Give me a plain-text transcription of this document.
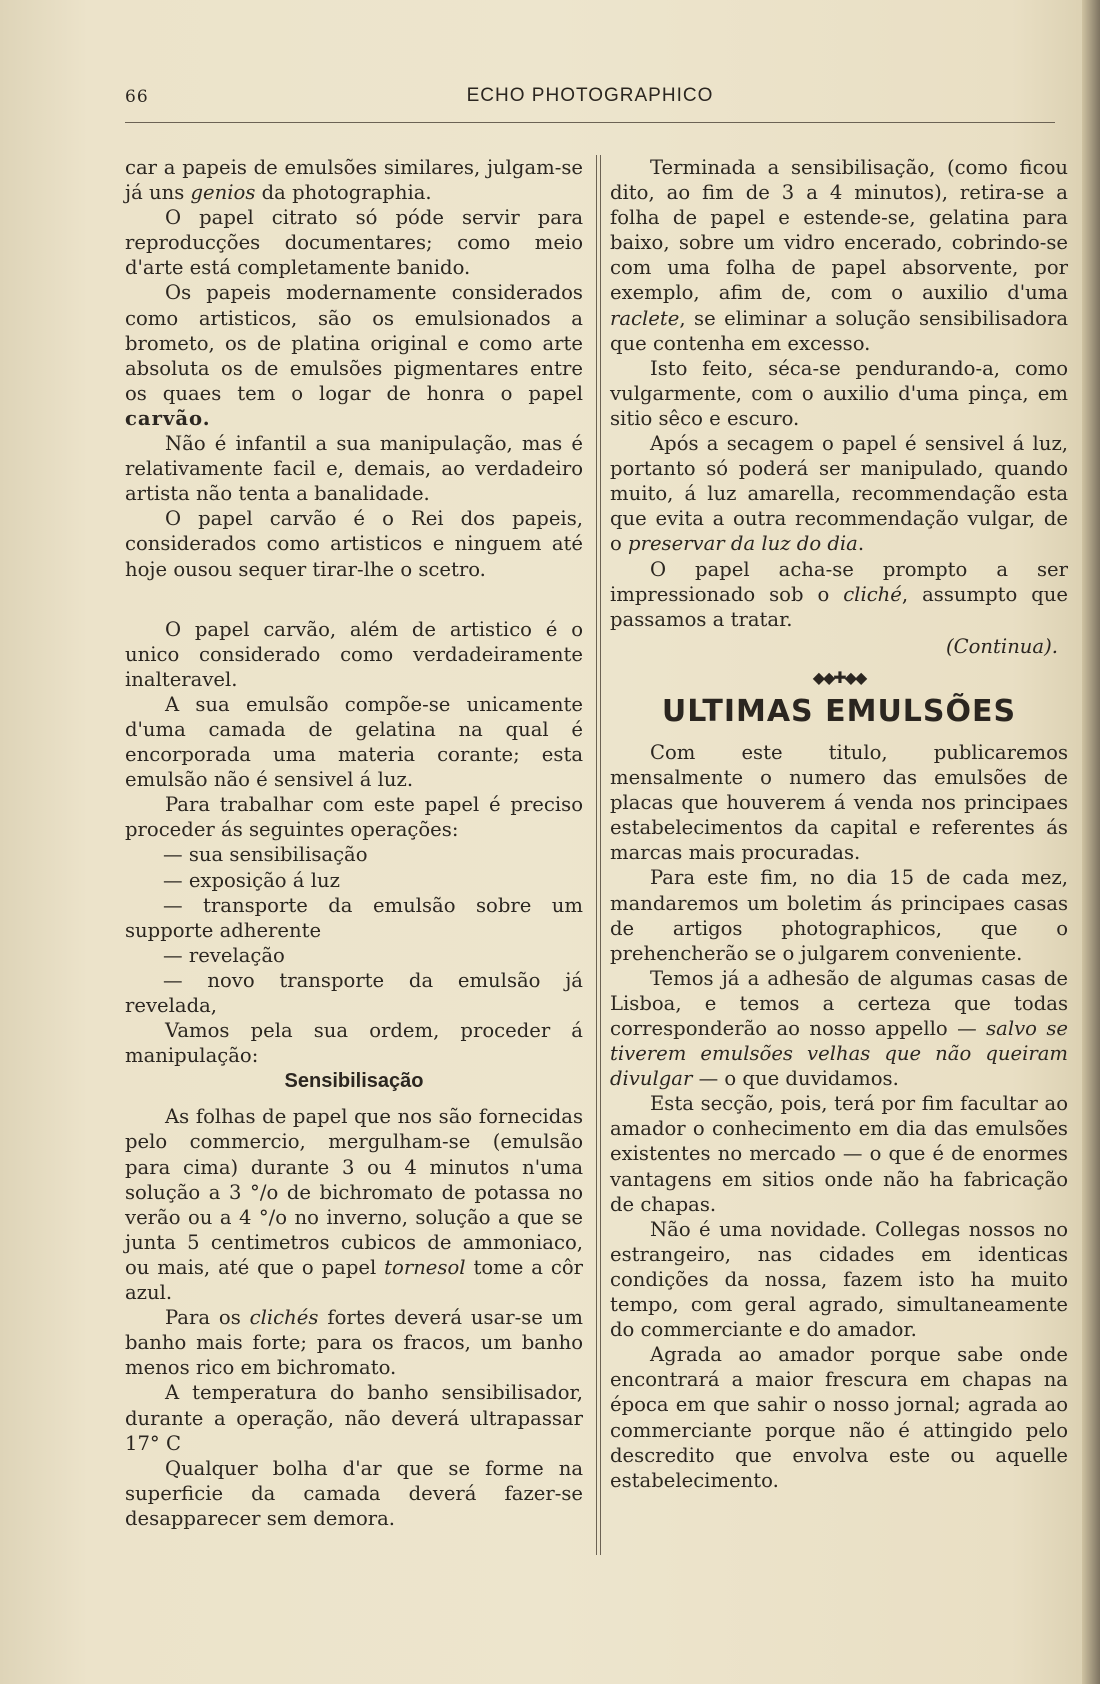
66	ECHO PHOTOGRAPHICO

car a papeis de emulsões similares, julgam-se já uns genios da photographia.

O papel citrato só póde servir para reproducções documentares; como meio d'arte está completamente banido.

Os papeis modernamente considerados como artisticos, são os emulsionados a brometo, os de platina original e como arte absoluta os de emulsões pigmentares entre os quaes tem o logar de honra o papel carvão.

Não é infantil a sua manipulação, mas é relativamente facil e, demais, ao verdadeiro artista não tenta a banalidade.

O papel carvão é o Rei dos papeis, considerados como artisticos e ninguem até hoje ousou sequer tirar-lhe o scetro.

O papel carvão, além de artistico é o unico considerado como verdadeiramente inalteravel.

A sua emulsão compõe-se unicamente d'uma camada de gelatina na qual é encorporada uma materia corante; esta emulsão não é sensivel á luz.

Para trabalhar com este papel é preciso proceder ás seguintes operações:

— sua sensibilisação

— exposição á luz

— transporte da emulsão sobre um supporte adherente

— revelação

— novo transporte da emulsão já revelada,

Vamos pela sua ordem, proceder á manipulação:

Sensibilisação

As folhas de papel que nos são fornecidas pelo commercio, mergulham-se (emulsão para cima) durante 3 ou 4 minutos n'uma solução a 3 °/o de bichromato de potassa no verão ou a 4 °/o no inverno, solução a que se junta 5 centimetros cubicos de ammoniaco, ou mais, até que o papel tornesol tome a côr azul.

Para os clichés fortes deverá usar-se um banho mais forte; para os fracos, um banho menos rico em bichromato.

A temperatura do banho sensibilisador, durante a operação, não deverá ultrapassar 17° C

Qualquer bolha d'ar que se forme na superficie da camada deverá fazer-se desapparecer sem demora.

Terminada a sensibilisação, (como ficou dito, ao fim de 3 a 4 minutos), retira-se a folha de papel e estende-se, gelatina para baixo, sobre um vidro encerado, cobrindo-se com uma folha de papel absorvente, por exemplo, afim de, com o auxilio d'uma raclete, se eliminar a solução sensibilisadora que contenha em excesso.

Isto feito, séca-se pendurando-a, como vulgarmente, com o auxilio d'uma pinça, em sitio sêco e escuro.

Após a secagem o papel é sensivel á luz, portanto só poderá ser manipulado, quando muito, á luz amarella, recommendação esta que evita a outra recommendação vulgar, de o preservar da luz do dia.

O papel acha-se prompto a ser impressionado sob o cliché, assumpto que passamos a tratar.

(Continua).

◆◆✚◆◆
ULTIMAS EMULSÕES

Com este titulo, publicaremos mensalmente o numero das emulsões de placas que houverem á venda nos principaes estabelecimentos da capital e referentes ás marcas mais procuradas.

Para este fim, no dia 15 de cada mez, mandaremos um boletim ás principaes casas de artigos photographicos, que o prehencherão se o julgarem conveniente.

Temos já a adhesão de algumas casas de Lisboa, e temos a certeza que todas corresponderão ao nosso appello — salvo se tiverem emulsões velhas que não queiram divulgar — o que duvidamos.

Esta secção, pois, terá por fim facultar ao amador o conhecimento em dia das emulsões existentes no mercado — o que é de enormes vantagens em sitios onde não ha fabricação de chapas.

Não é uma novidade. Collegas nossos no estrangeiro, nas cidades em identicas condições da nossa, fazem isto ha muito tempo, com geral agrado, simultaneamente do commerciante e do amador.

Agrada ao amador porque sabe onde encontrará a maior frescura em chapas na época em que sahir o nosso jornal; agrada ao commerciante porque não é attingido pelo descredito que envolva este ou aquelle estabelecimento.
